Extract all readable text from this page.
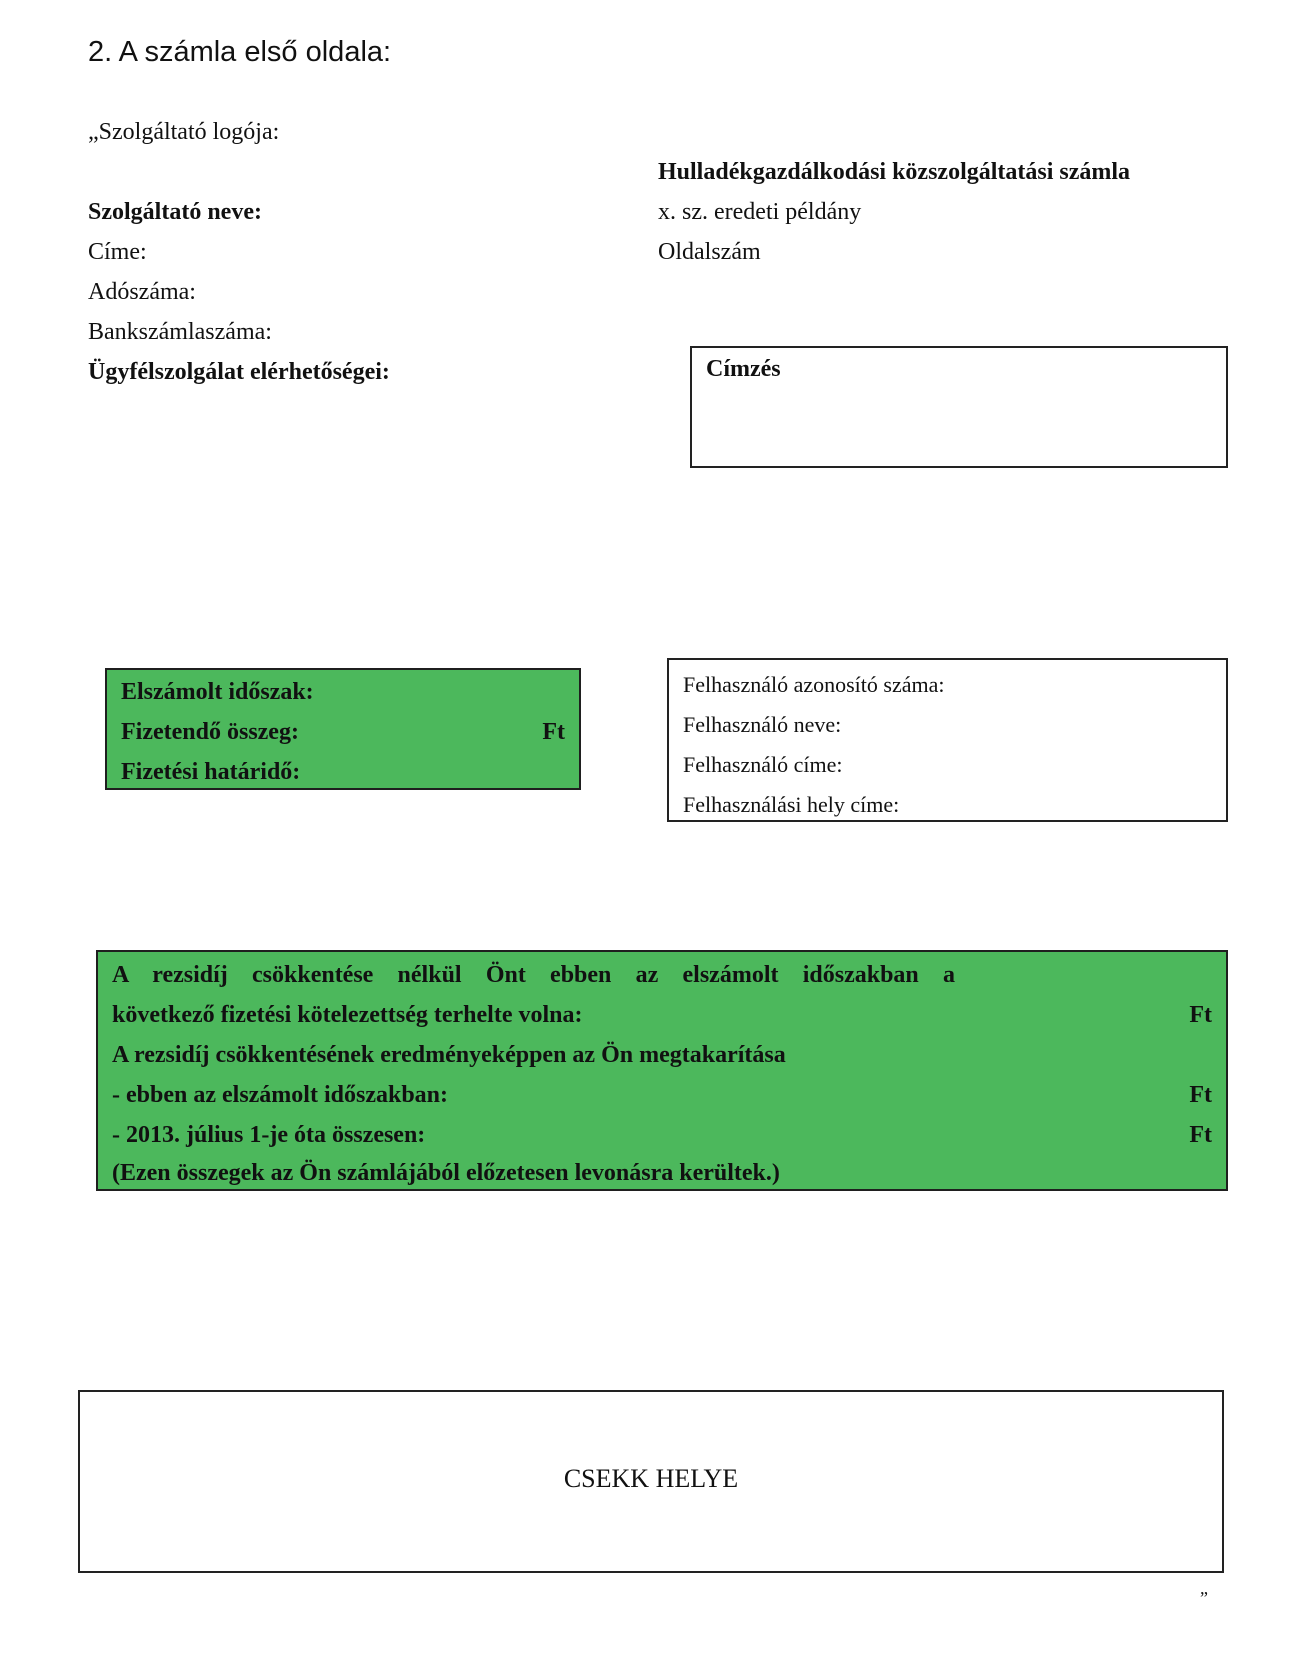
2. A számla első oldala:
„Szolgáltató logója:
Hulladékgazdálkodási közszolgáltatási számla
Szolgáltató neve:	x. sz. eredeti példány
Címe:	Oldalszám
Adószáma:
Bankszámlaszáma:
Ügyfélszolgálat elérhetőségei:	Címzés
Elszámolt időszak:
Fizetendő összeg:	Ft
Fizetési határidő:
Felhasználó azonosító száma:
Felhasználó neve:
Felhasználó címe:
Felhasználási hely címe:
A rezsidíj csökkentése nélkül Önt ebben az elszámolt időszakban a
következő fizetési kötelezettség terhelte volna:	Ft
A rezsidíj csökkentésének eredményeképpen az Ön megtakarítása
- ebben az elszámolt időszakban:	Ft
- 2013. július 1-je óta összesen:	Ft
(Ezen összegek az Ön számlájából előzetesen levonásra kerültek.)
CSEKK HELYE
”
